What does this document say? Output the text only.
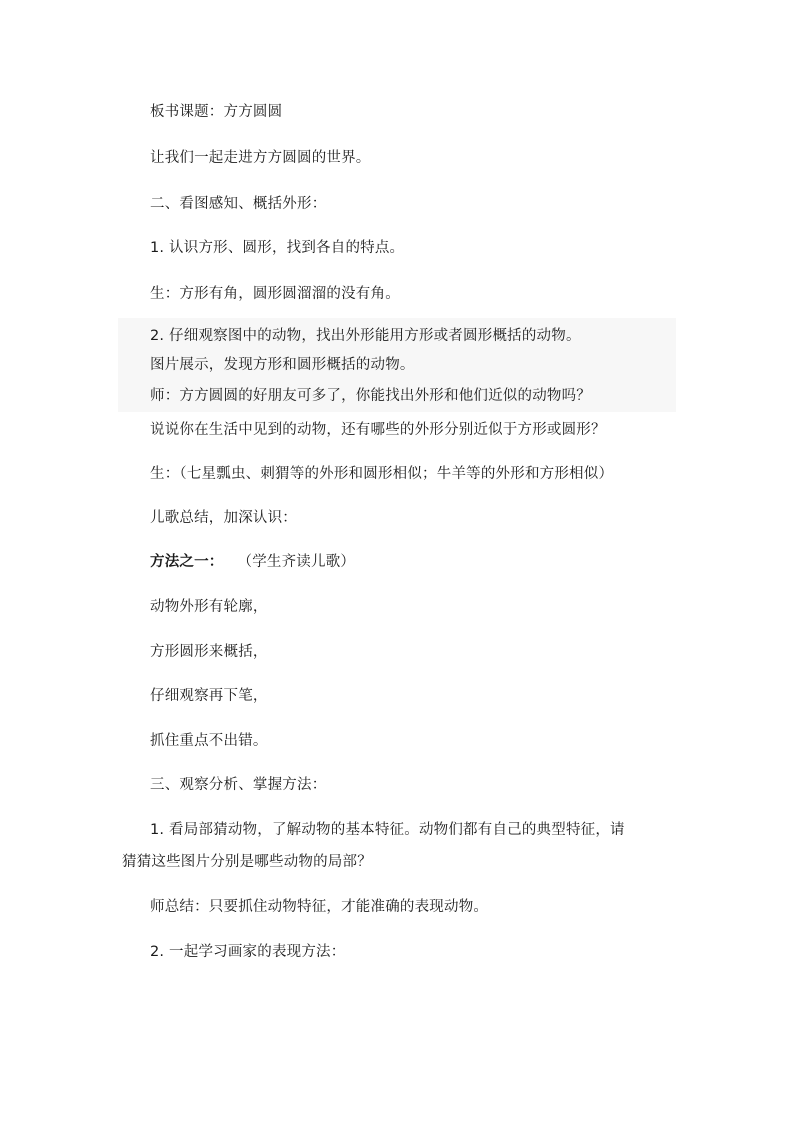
板书课题：方方圆圆
让我们一起走进方方圆圆的世界。
二、看图感知、概括外形：
1. 认识方形、圆形，找到各自的特点。
生：方形有角，圆形圆溜溜的没有角。
2. 仔细观察图中的动物，找出外形能用方形或者圆形概括的动物。
图片展示，发现方形和圆形概括的动物。
师：方方圆圆的好朋友可多了，你能找出外形和他们近似的动物吗？
说说你在生活中见到的动物，还有哪些的外形分别近似于方形或圆形？
生：（七星瓢虫、刺猬等的外形和圆形相似；牛羊等的外形和方形相似）
儿歌总结，加深认识：
方法之一： （学生齐读儿歌）
动物外形有轮廓，
方形圆形来概括，
仔细观察再下笔，
抓住重点不出错。
三、观察分析、掌握方法：
1. 看局部猜动物，了解动物的基本特征。动物们都有自己的典型特征，请
猜猜这些图片分别是哪些动物的局部？
师总结：只要抓住动物特征，才能准确的表现动物。
2. 一起学习画家的表现方法：
